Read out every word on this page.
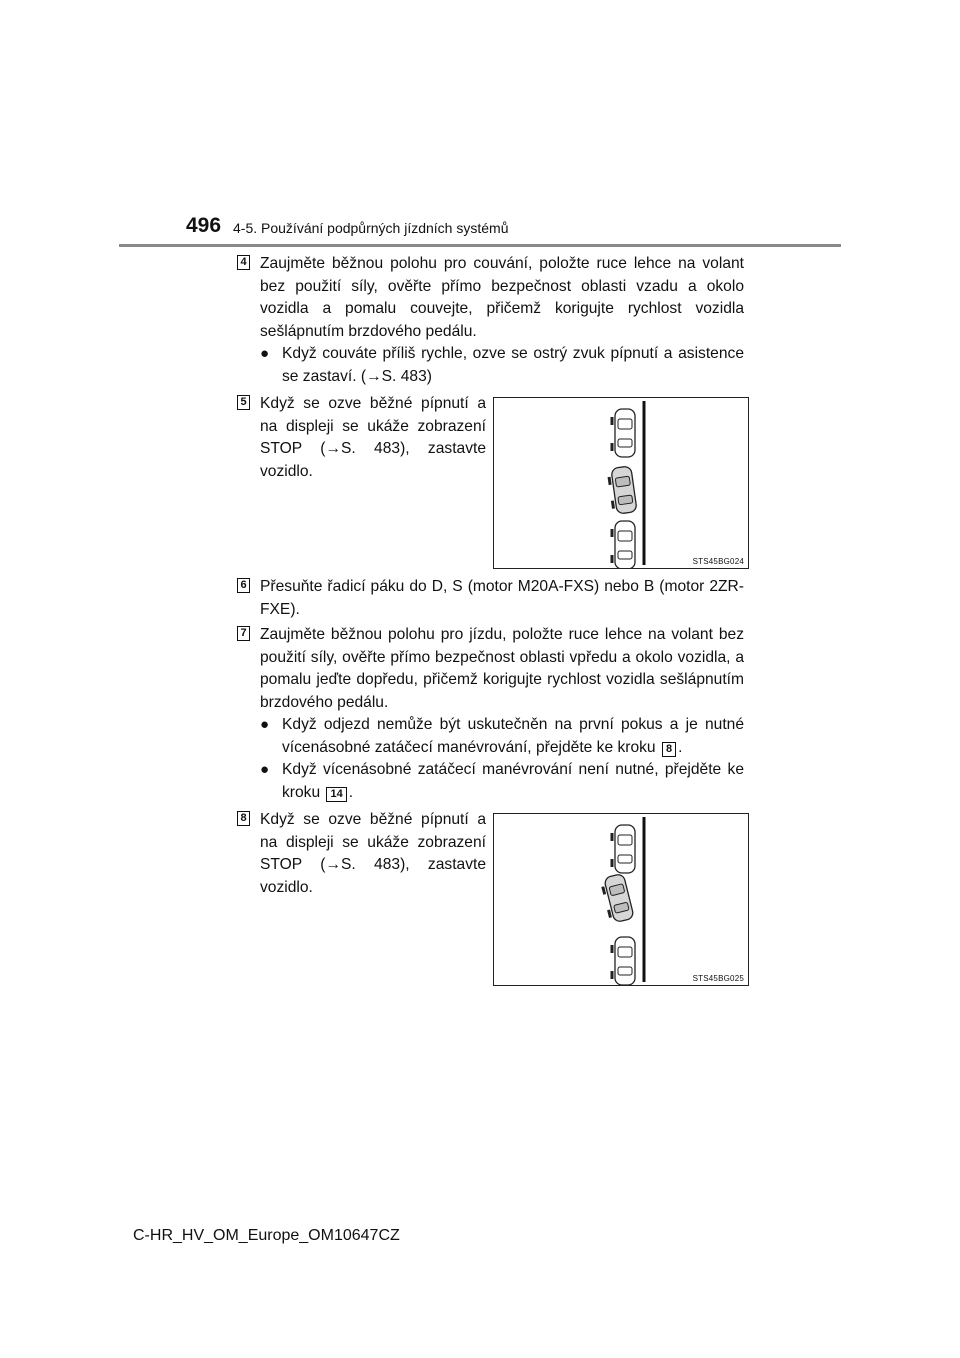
496 4-5. Používání podpůrných jízdních systémů
4 Zaujměte běžnou polohu pro couvání, položte ruce lehce na volant bez použití síly, ověřte přímo bezpečnost oblasti vzadu a okolo vozidla a pomalu couvejte, přičemž korigujte rychlost vozidla sešlápnutím brzdového pedálu.
● Když couváte příliš rychle, ozve se ostrý zvuk pípnutí a asistence se zastaví. (→S. 483)
5 Když se ozve běžné pípnutí a na displeji se ukáže zobrazení STOP (→S. 483), zastavte vozidlo.
STS45BG024
6 Přesuňte řadicí páku do D, S (motor M20A-FXS) nebo B (motor 2ZR-FXE).
7 Zaujměte běžnou polohu pro jízdu, položte ruce lehce na volant bez použití síly, ověřte přímo bezpečnost oblasti vpředu a okolo vozidla, a pomalu jeďte dopředu, přičemž korigujte rychlost vozidla sešlápnutím brzdového pedálu.
● Když odjezd nemůže být uskutečněn na první pokus a je nutné vícenásobné zatáčecí manévrování, přejděte ke kroku 8 .
● Když vícenásobné zatáčecí manévrování není nutné, přejděte ke kroku 14 .
8 Když se ozve běžné pípnutí a na displeji se ukáže zobrazení STOP (→S. 483), zastavte vozidlo.
STS45BG025
C-HR_HV_OM_Europe_OM10647CZ
